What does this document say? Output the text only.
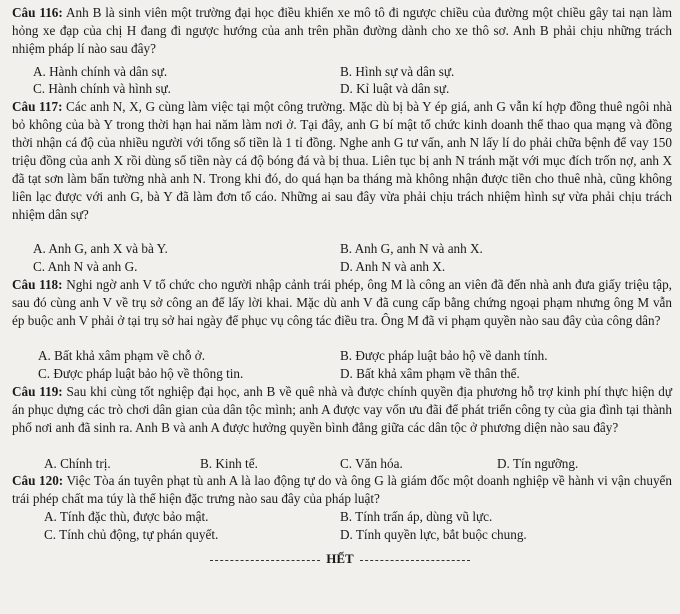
Câu 116: Anh B là sinh viên một trường đại học điều khiển xe mô tô đi ngược chiều của đường một chiều gây tai nạn làm hỏng xe đạp của chị H đang đi ngược hướng của anh trên phần đường dành cho xe thô sơ. Anh B phải chịu những trách nhiệm pháp lí nào sau đây?
A. Hành chính và dân sự.	B. Hình sự và dân sự.
C. Hành chính và hình sự.	D. Kỉ luật và dân sự.
Câu 117: Các anh N, X, G cùng làm việc tại một công trường. Mặc dù bị bà Y ép giá, anh G vẫn kí hợp đồng thuê ngôi nhà bỏ không của bà Y trong thời hạn hai năm làm nơi ở. Tại đây, anh G bí mật tổ chức kinh doanh thể thao qua mạng và đồng thời nhận cá độ của nhiều người với tổng số tiền là 1 tỉ đồng. Nghe anh G tư vấn, anh N lấy lí do phải chữa bệnh để vay 150 triệu đồng của anh X rồi dùng số tiền này cá độ bóng đá và bị thua. Liên tục bị anh N tránh mặt với mục đích trốn nợ, anh X đã tạt sơn làm bẩn tường nhà anh N. Trong khi đó, do quá hạn ba tháng mà không nhận được tiền cho thuê nhà, cũng không liên lạc được với anh G, bà Y đã làm đơn tố cáo. Những ai sau đây vừa phải chịu trách nhiệm hình sự vừa phải chịu trách nhiệm dân sự?
A. Anh G, anh X và bà Y.	B. Anh G, anh N và anh X.
C. Anh N và anh G.	D. Anh N và anh X.
Câu 118: Nghi ngờ anh V tổ chức cho người nhập cảnh trái phép, ông M là công an viên đã đến nhà anh đưa giấy triệu tập, sau đó cùng anh V về trụ sở công an để lấy lời khai. Mặc dù anh V đã cung cấp bằng chứng ngoại phạm nhưng ông M vẫn ép buộc anh V phải ở tại trụ sở hai ngày để phục vụ công tác điều tra. Ông M đã vi phạm quyền nào sau đây của công dân?
A. Bất khả xâm phạm về chỗ ở.	B. Được pháp luật bảo hộ về danh tính.
C. Được pháp luật bảo hộ về thông tin.	D. Bất khả xâm phạm về thân thể.
Câu 119: Sau khi cùng tốt nghiệp đại học, anh B về quê nhà và được chính quyền địa phương hỗ trợ kinh phí thực hiện dự án phục dựng các trò chơi dân gian của dân tộc mình; anh A được vay vốn ưu đãi để phát triển công ty của gia đình tại thành phố nơi anh đã sinh ra. Anh B và anh A được hưởng quyền bình đẳng giữa các dân tộc ở phương diện nào sau đây?
A. Chính trị.	B. Kinh tế.	C. Văn hóa.	D. Tín ngưỡng.
Câu 120: Việc Tòa án tuyên phạt tù anh A là lao động tự do và ông G là giám đốc một doanh nghiệp về hành vi vận chuyển trái phép chất ma túy là thể hiện đặc trưng nào sau đây của pháp luật?
A. Tính đặc thù, được bảo mật.	B. Tính trấn áp, dùng vũ lực.
C. Tính chủ động, tự phán quyết.	D. Tính quyền lực, bắt buộc chung.
HẾT
